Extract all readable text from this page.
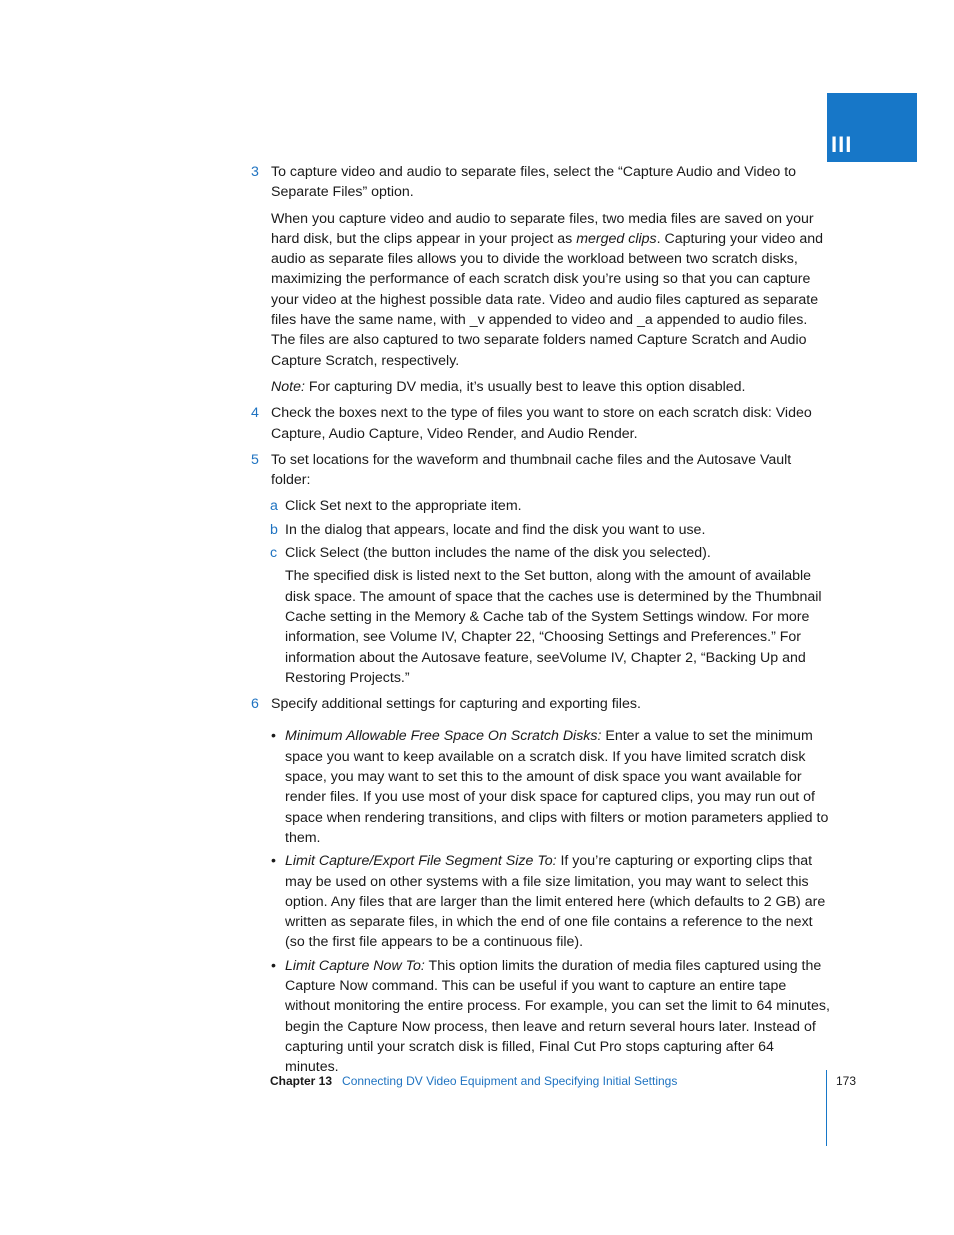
III
3 To capture video and audio to separate files, select the “Capture Audio and Video to Separate Files” option.
When you capture video and audio to separate files, two media files are saved on your hard disk, but the clips appear in your project as merged clips. Capturing your video and audio as separate files allows you to divide the workload between two scratch disks, maximizing the performance of each scratch disk you’re using so that you can capture your video at the highest possible data rate. Video and audio files captured as separate files have the same name, with _v appended to video and _a appended to audio files. The files are also captured to two separate folders named Capture Scratch and Audio Capture Scratch, respectively.
Note: For capturing DV media, it’s usually best to leave this option disabled.
4 Check the boxes next to the type of files you want to store on each scratch disk: Video Capture, Audio Capture, Video Render, and Audio Render.
5 To set locations for the waveform and thumbnail cache files and the Autosave Vault folder:
a Click Set next to the appropriate item.
b In the dialog that appears, locate and find the disk you want to use.
c Click Select (the button includes the name of the disk you selected).
The specified disk is listed next to the Set button, along with the amount of available disk space. The amount of space that the caches use is determined by the Thumbnail Cache setting in the Memory & Cache tab of the System Settings window. For more information, see Volume IV, Chapter 22, “Choosing Settings and Preferences.” For information about the Autosave feature, seeVolume IV, Chapter 2, “Backing Up and Restoring Projects.”
6 Specify additional settings for capturing and exporting files.
• Minimum Allowable Free Space On Scratch Disks: Enter a value to set the minimum space you want to keep available on a scratch disk. If you have limited scratch disk space, you may want to set this to the amount of disk space you want available for render files. If you use most of your disk space for captured clips, you may run out of space when rendering transitions, and clips with filters or motion parameters applied to them.
• Limit Capture/Export File Segment Size To: If you’re capturing or exporting clips that may be used on other systems with a file size limitation, you may want to select this option. Any files that are larger than the limit entered here (which defaults to 2 GB) are written as separate files, in which the end of one file contains a reference to the next (so the first file appears to be a continuous file).
• Limit Capture Now To: This option limits the duration of media files captured using the Capture Now command. This can be useful if you want to capture an entire tape without monitoring the entire process. For example, you can set the limit to 64 minutes, begin the Capture Now process, then leave and return several hours later. Instead of capturing until your scratch disk is filled, Final Cut Pro stops capturing after 64 minutes.
Chapter 13 Connecting DV Video Equipment and Specifying Initial Settings	173
